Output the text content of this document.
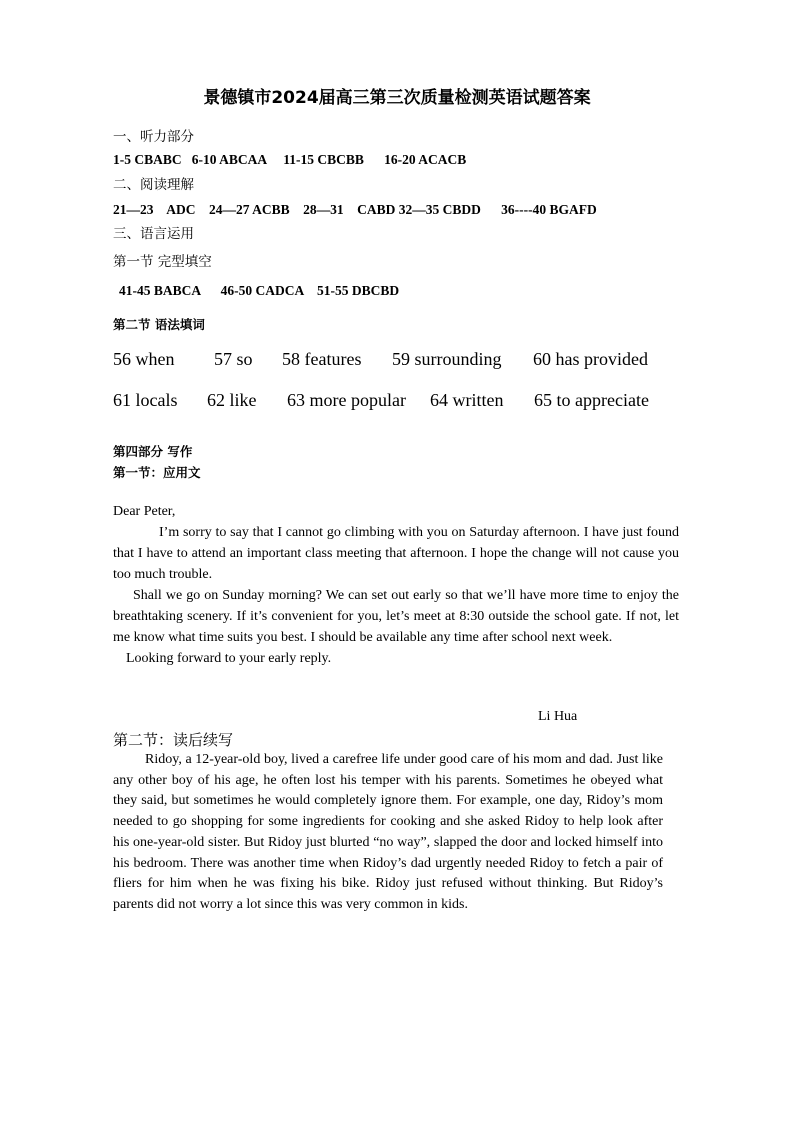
景德镇市2024届高三第三次质量检测英语试题答案
一、听力部分
1-5 CBABC   6-10 ABCAA     11-15 CBCBB      16-20 ACACB
二、阅读理解
21—23    ADC    24—27 ACBB    28—31    CABD 32—35 CBDD      36----40 BGAFD
三、语言运用
第一节 完型填空
41-45 BABCA      46-50 CADCA    51-55 DBCBD
第二节 语法填词
56 when 57 so 58 features 59 surrounding 60 has provided
61 locals 62 like 63 more popular 64 written 65 to appreciate
第四部分 写作
第一节：应用文

Dear Peter,

I’m sorry to say that I cannot go climbing with you on Saturday afternoon. I have just found that I have to attend an important class meeting that afternoon. I hope the change will not cause you too much trouble.

Shall we go on Sunday morning? We can set out early so that we’ll have more time to enjoy the breathtaking scenery. If it’s convenient for you, let’s meet at 8:30 outside the school gate. If not, let me know what time suits you best. I should be available any time after school next week.

Looking forward to your early reply.

Li Hua
第二节：读后续写

Ridoy, a 12-year-old boy, lived a carefree life under good care of his mom and dad. Just like any other boy of his age, he often lost his temper with his parents. Sometimes he obeyed what they said, but sometimes he would completely ignore them. For example, one day, Ridoy’s mom needed to go shopping for some ingredients for cooking and she asked Ridoy to help look after his one-year-old sister. But Ridoy just blurted “no way”, slapped the door and locked himself into his bedroom. There was another time when Ridoy’s dad urgently needed Ridoy to fetch a pair of fliers for him when he was fixing his bike. Ridoy just refused without thinking. But Ridoy’s parents did not worry a lot since this was very common in kids.
